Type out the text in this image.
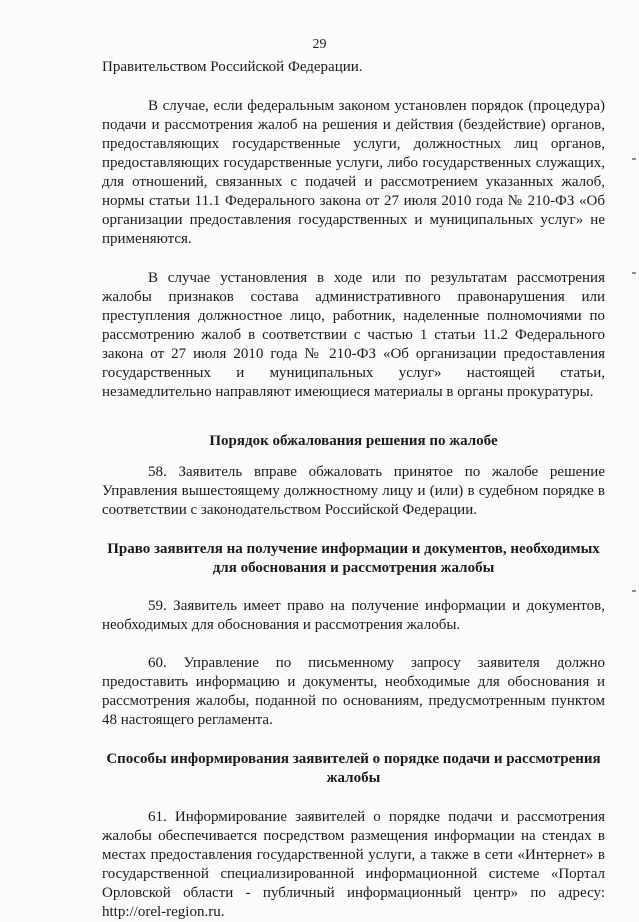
29

Правительством Российской Федерации.

В случае, если федеральным законом установлен порядок (процедура) подачи и рассмотрения жалоб на решения и действия (бездействие) органов, предоставляющих государственные услуги, должностных лиц органов, предоставляющих государственные услуги, либо государственных служащих, для отношений, связанных с подачей и рассмотрением указанных жалоб, нормы статьи 11.1 Федерального закона от 27 июля 2010 года № 210-ФЗ «Об организации предоставления государственных и муниципальных услуг» не применяются.

В случае установления в ходе или по результатам рассмотрения жалобы признаков состава административного правонарушения или преступления должностное лицо, работник, наделенные полномочиями по рассмотрению жалоб в соответствии с частью 1 статьи 11.2 Федерального закона от 27 июля 2010 года № 210-ФЗ «Об организации предоставления государственных и муниципальных услуг» настоящей статьи, незамедлительно направляют имеющиеся материалы в органы прокуратуры.

Порядок обжалования решения по жалобе

58. Заявитель вправе обжаловать принятое по жалобе решение Управления вышестоящему должностному лицу и (или) в судебном порядке в соответствии с законодательством Российской Федерации.

Право заявителя на получение информации и документов, необходимых для обоснования и рассмотрения жалобы

59. Заявитель имеет право на получение информации и документов, необходимых для обоснования и рассмотрения жалобы.

60. Управление по письменному запросу заявителя должно предоставить информацию и документы, необходимые для обоснования и рассмотрения жалобы, поданной по основаниям, предусмотренным пунктом 48 настоящего регламента.

Способы информирования заявителей о порядке подачи и рассмотрения жалобы

61. Информирование заявителей о порядке подачи и рассмотрения жалобы обеспечивается посредством размещения информации на стендах в местах предоставления государственной услуги, а также в сети «Интернет» в государственной специализированной информационной системе «Портал Орловской области - публичный информационный центр» по адресу: http://orel-region.ru.
